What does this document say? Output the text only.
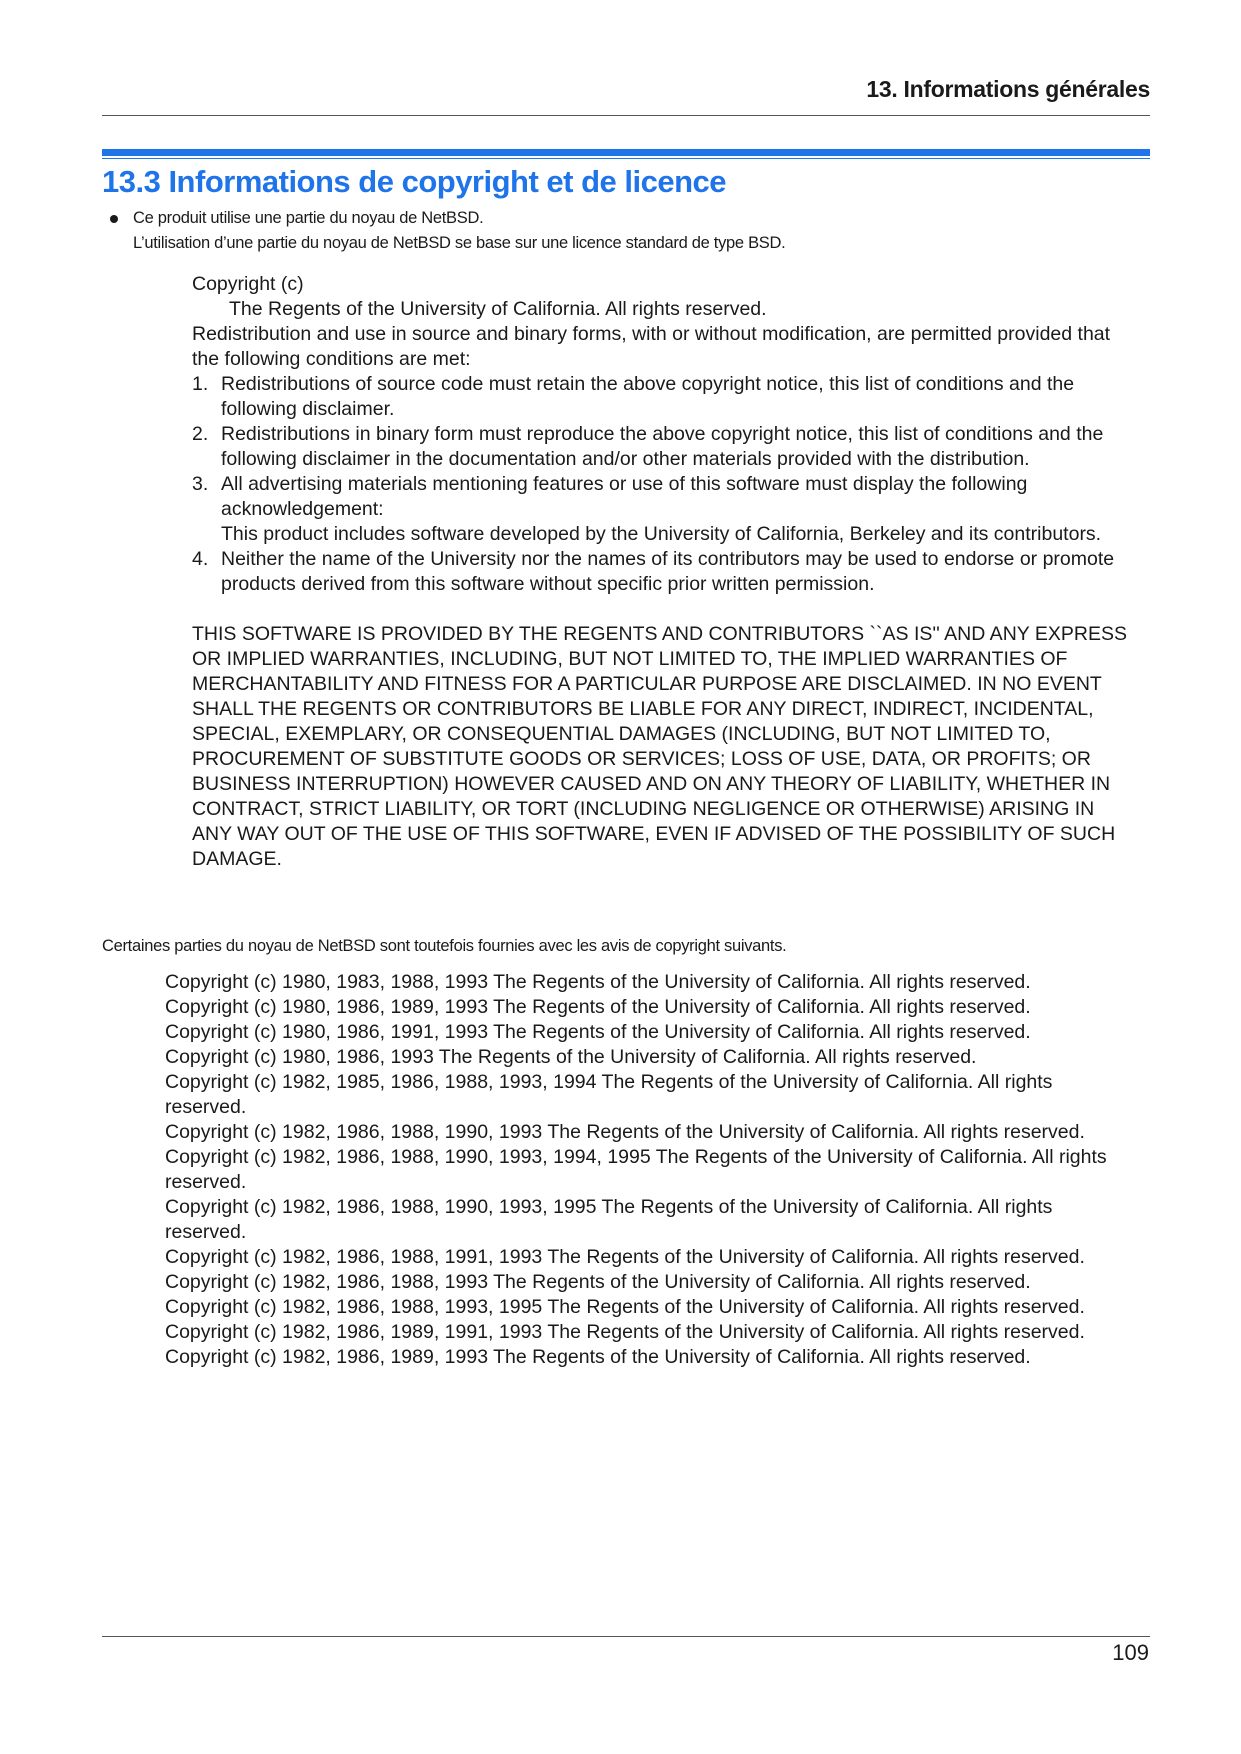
13. Informations générales
13.3 Informations de copyright et de licence
Ce produit utilise une partie du noyau de NetBSD.
L’utilisation d’une partie du noyau de NetBSD se base sur une licence standard de type BSD.

Copyright (c)

The Regents of the University of California. All rights reserved.

Redistribution and use in source and binary forms, with or without modification, are permitted provided that the following conditions are met:

1. Redistributions of source code must retain the above copyright notice, this list of conditions and the following disclaimer.
2. Redistributions in binary form must reproduce the above copyright notice, this list of conditions and the following disclaimer in the documentation and/or other materials provided with the distribution.
3. All advertising materials mentioning features or use of this software must display the following acknowledgement:
This product includes software developed by the University of California, Berkeley and its contributors.
4. Neither the name of the University nor the names of its contributors may be used to endorse or promote products derived from this software without specific prior written permission.

THIS SOFTWARE IS PROVIDED BY THE REGENTS AND CONTRIBUTORS ``AS IS'' AND ANY EXPRESS OR IMPLIED WARRANTIES, INCLUDING, BUT NOT LIMITED TO, THE IMPLIED WARRANTIES OF MERCHANTABILITY AND FITNESS FOR A PARTICULAR PURPOSE ARE DISCLAIMED. IN NO EVENT SHALL THE REGENTS OR CONTRIBUTORS BE LIABLE FOR ANY DIRECT, INDIRECT, INCIDENTAL, SPECIAL, EXEMPLARY, OR CONSEQUENTIAL DAMAGES (INCLUDING, BUT NOT LIMITED TO, PROCUREMENT OF SUBSTITUTE GOODS OR SERVICES; LOSS OF USE, DATA, OR PROFITS; OR BUSINESS INTERRUPTION) HOWEVER CAUSED AND ON ANY THEORY OF LIABILITY, WHETHER IN CONTRACT, STRICT LIABILITY, OR TORT (INCLUDING NEGLIGENCE OR OTHERWISE) ARISING IN ANY WAY OUT OF THE USE OF THIS SOFTWARE, EVEN IF ADVISED OF THE POSSIBILITY OF SUCH DAMAGE.

Certaines parties du noyau de NetBSD sont toutefois fournies avec les avis de copyright suivants.

Copyright (c) 1980, 1983, 1988, 1993 The Regents of the University of California. All rights reserved.

Copyright (c) 1980, 1986, 1989, 1993 The Regents of the University of California. All rights reserved.

Copyright (c) 1980, 1986, 1991, 1993 The Regents of the University of California. All rights reserved.

Copyright (c) 1980, 1986, 1993 The Regents of the University of California. All rights reserved.

Copyright (c) 1982, 1985, 1986, 1988, 1993, 1994 The Regents of the University of California. All rights reserved.

Copyright (c) 1982, 1986, 1988, 1990, 1993 The Regents of the University of California. All rights reserved.

Copyright (c) 1982, 1986, 1988, 1990, 1993, 1994, 1995 The Regents of the University of California. All rights reserved.

Copyright (c) 1982, 1986, 1988, 1990, 1993, 1995 The Regents of the University of California. All rights reserved.

Copyright (c) 1982, 1986, 1988, 1991, 1993 The Regents of the University of California. All rights reserved.

Copyright (c) 1982, 1986, 1988, 1993 The Regents of the University of California. All rights reserved.

Copyright (c) 1982, 1986, 1988, 1993, 1995 The Regents of the University of California. All rights reserved.

Copyright (c) 1982, 1986, 1989, 1991, 1993 The Regents of the University of California. All rights reserved.

Copyright (c) 1982, 1986, 1989, 1993 The Regents of the University of California. All rights reserved.

109
